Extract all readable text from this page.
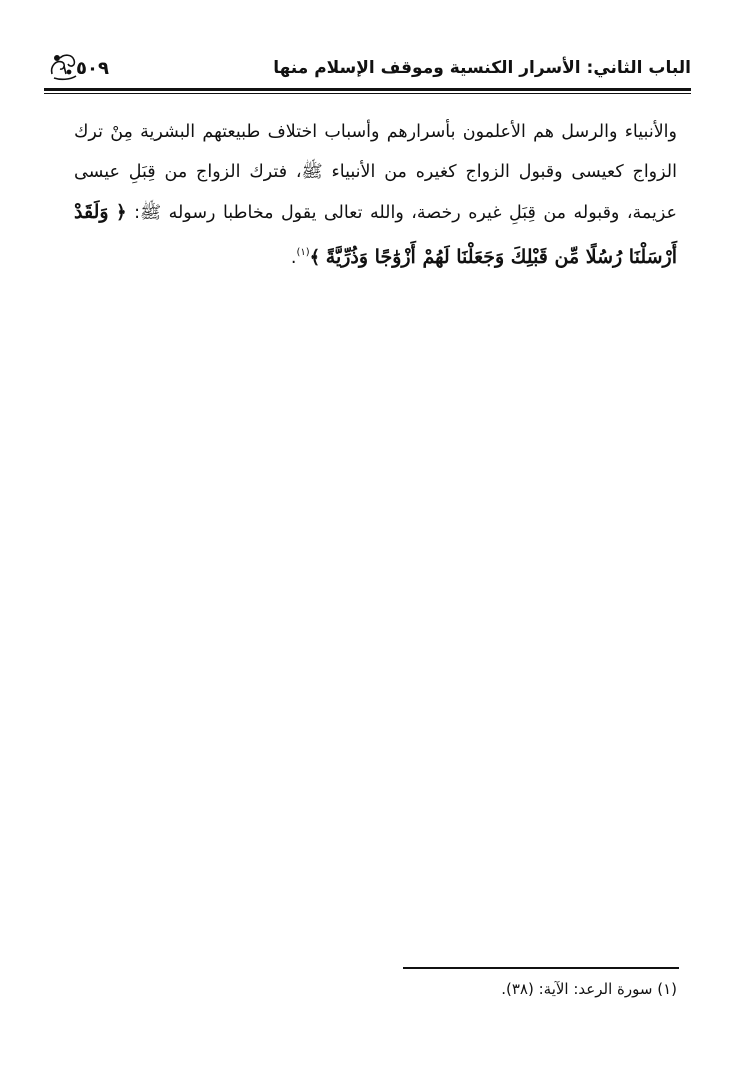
الباب الثاني: الأسرار الكنسية وموقف الإسلام منها
٥٠٩
والأنبياء والرسل هم الأعلمون بأسرارهم وأسباب اختلاف طبيعتهم البشرية مِنْ ترك الزواج كعيسى وقبول الزواج كغيره من الأنبياء ﷺ، فترك الزواج من قِبَلِ عيسى عزيمة، وقبوله من قِبَلِ غيره رخصة، والله تعالى يقول مخاطبا رسوله ﷺ: ﴿ وَلَقَدْ أَرْسَلْنَا رُسُلًا مِّن قَبْلِكَ وَجَعَلْنَا لَهُمْ أَزْوَٰجًا وَذُرِّيَّةً ﴾$^{(١)}$.
(١) سورة الرعد: الآية: (٣٨).
